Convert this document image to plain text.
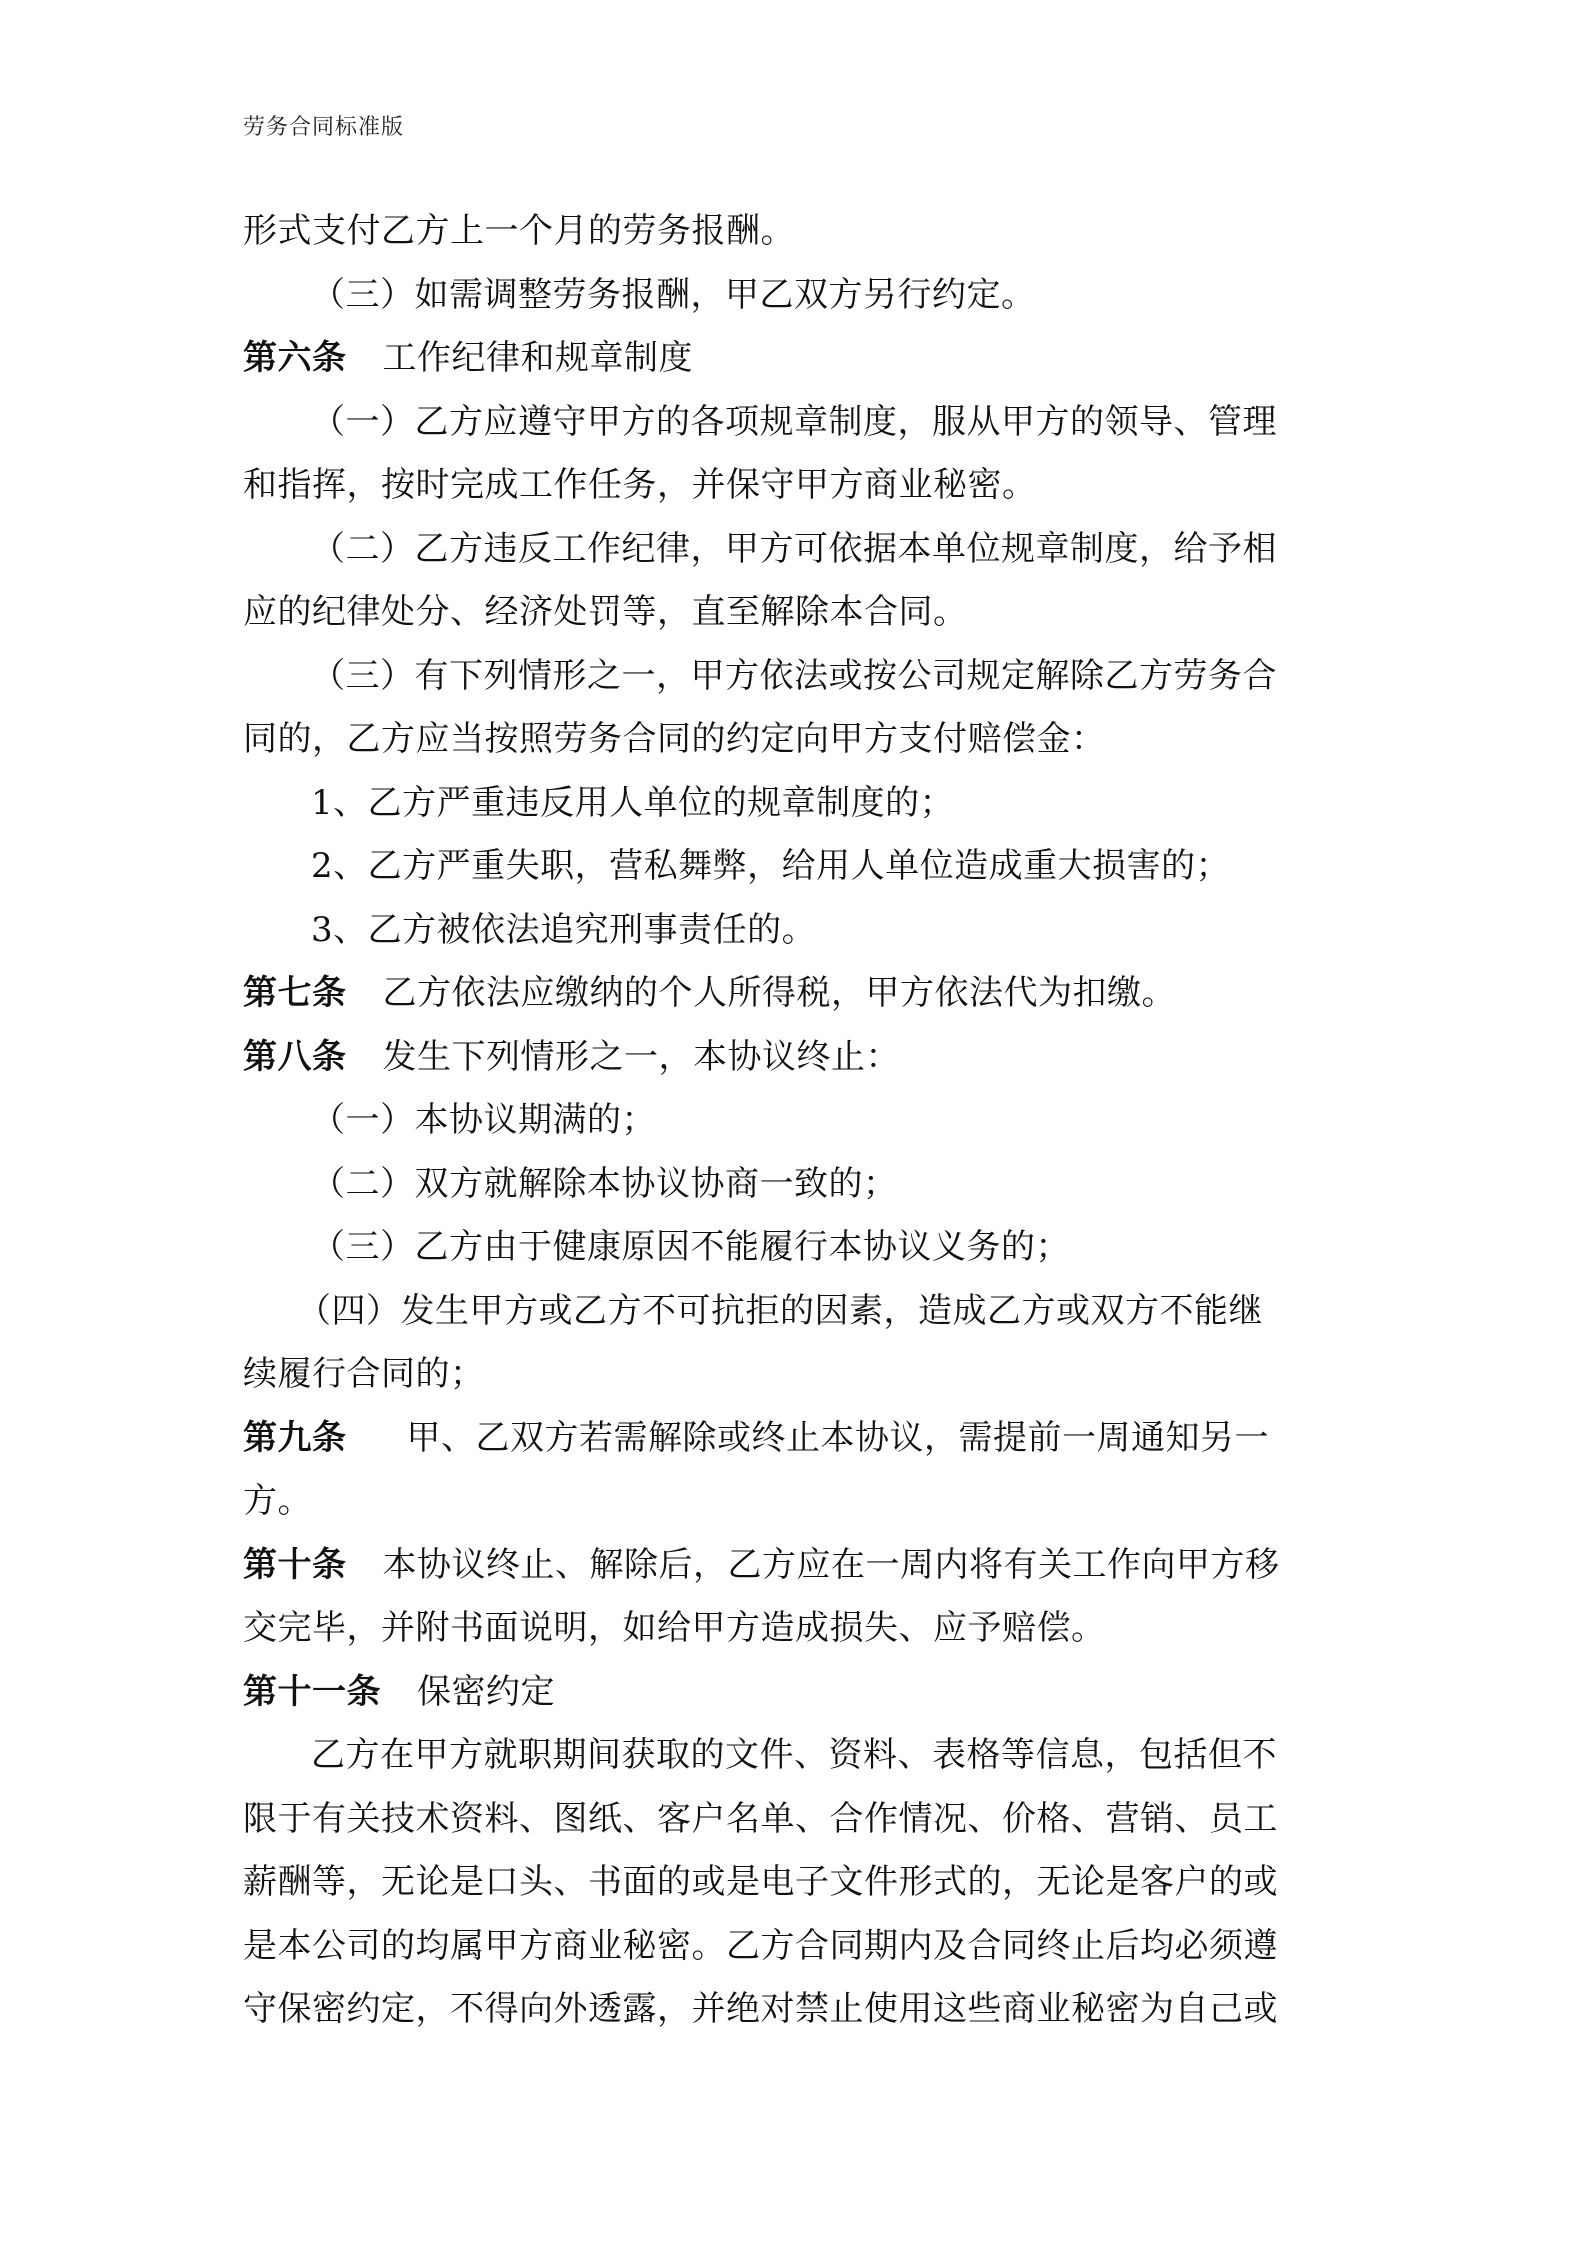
劳务合同标准版
形式支付乙方上一个月的劳务报酬。
（三）如需调整劳务报酬，甲乙双方另行约定。
第六条 工作纪律和规章制度
（一）乙方应遵守甲方的各项规章制度，服从甲方的领导、管理
和指挥，按时完成工作任务，并保守甲方商业秘密。
（二）乙方违反工作纪律，甲方可依据本单位规章制度，给予相
应的纪律处分、经济处罚等，直至解除本合同。
（三）有下列情形之一，甲方依法或按公司规定解除乙方劳务合
同的，乙方应当按照劳务合同的约定向甲方支付赔偿金：
1、乙方严重违反用人单位的规章制度的；
2、乙方严重失职，营私舞弊，给用人单位造成重大损害的；
3、乙方被依法追究刑事责任的。
第七条 乙方依法应缴纳的个人所得税，甲方依法代为扣缴。
第八条 发生下列情形之一，本协议终止：
（一）本协议期满的；
（二）双方就解除本协议协商一致的；
（三）乙方由于健康原因不能履行本协议义务的；
（四）发生甲方或乙方不可抗拒的因素，造成乙方或双方不能继
续履行合同的；
第九条 甲、乙双方若需解除或终止本协议，需提前一周通知另一
方。
第十条 本协议终止、解除后，乙方应在一周内将有关工作向甲方移
交完毕，并附书面说明，如给甲方造成损失、应予赔偿。
第十一条 保密约定
乙方在甲方就职期间获取的文件、资料、表格等信息，包括但不
限于有关技术资料、图纸、客户名单、合作情况、价格、营销、员工
薪酬等，无论是口头、书面的或是电子文件形式的，无论是客户的或
是本公司的均属甲方商业秘密。乙方合同期内及合同终止后均必须遵
守保密约定，不得向外透露，并绝对禁止使用这些商业秘密为自己或
